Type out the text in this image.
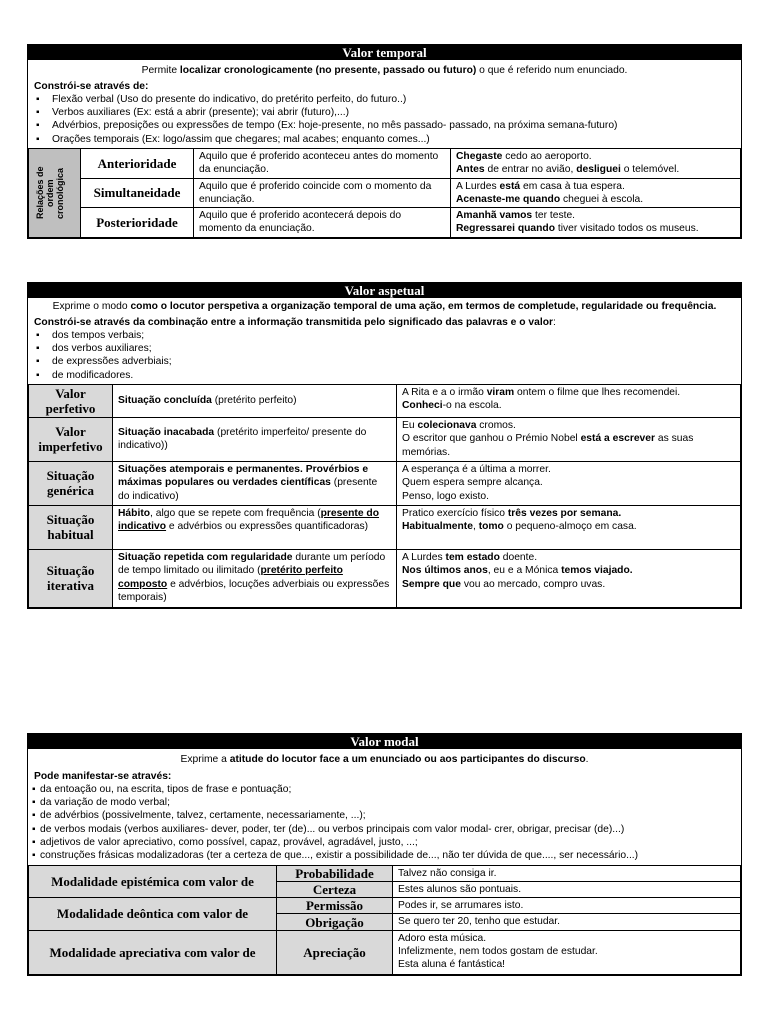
Valor temporal
Permite localizar cronologicamente (no presente, passado ou futuro) o que é referido num enunciado.
Constrói-se através de:
▪ Flexão verbal (Uso do presente do indicativo, do pretérito perfeito, do futuro..)
▪ Verbos auxiliares (Ex: está a abrir (presente); vai abrir (futuro),...)
▪ Advérbios, preposições ou expressões de tempo (Ex: hoje-presente, no mês passado- passado, na próxima semana-futuro)
▪ Orações temporais (Ex: logo/assim que chegares; mal acabes; enquanto comes...)
Relações de ordem cronológica	Anterioridade	Aquilo que é proferido aconteceu antes do momento da enunciação.	Chegaste cedo ao aeroporto.
Antes de entrar no avião, desliguei o telemóvel.
	Simultaneidade	Aquilo que é proferido coincide com o momento da enunciação.	A Lurdes está em casa à tua espera.
Acenaste-me quando cheguei à escola.
	Posterioridade	Aquilo que é proferido acontecerá depois do momento da enunciação.	Amanhã vamos ter teste.
Regressarei quando tiver visitado todos os museus.
Valor aspetual
Exprime o modo como o locutor perspetiva a organização temporal de uma ação, em termos de completude, regularidade ou frequência.
Constrói-se através da combinação entre a informação transmitida pelo significado das palavras e o valor:
▪ dos tempos verbais;
▪ dos verbos auxiliares;
▪ de expressões adverbiais;
▪ de modificadores.
Valor perfetivo	Situação concluída (pretérito perfeito)	A Rita e a o irmão viram ontem o filme que lhes recomendei.
Conheci-o na escola.
Valor imperfetivo	Situação inacabada (pretérito imperfeito/ presente do indicativo))	Eu colecionava cromos.
O escritor que ganhou o Prémio Nobel está a escrever as suas memórias.
Situação genérica	Situações atemporais e permanentes. Provérbios e máximas populares ou verdades científicas (presente do indicativo)	A esperança é a última a morrer.
Quem espera sempre alcança.
Penso, logo existo.
Situação habitual	Hábito, algo que se repete com frequência (presente do indicativo e advérbios ou expressões quantificadoras)	Pratico exercício físico três vezes por semana.
Habitualmente, tomo o pequeno-almoço em casa.
Situação iterativa	Situação repetida com regularidade durante um período de tempo limitado ou ilimitado (pretérito perfeito composto e advérbios, locuções adverbiais ou expressões temporais)	A Lurdes tem estado doente.
Nos últimos anos, eu e a Mónica temos viajado.
Sempre que vou ao mercado, compro uvas.
Valor modal
Exprime a atitude do locutor face a um enunciado ou aos participantes do discurso.
Pode manifestar-se através:
▪ da entoação ou, na escrita, tipos de frase e pontuação;
▪ da variação de modo verbal;
▪ de advérbios (possivelmente, talvez, certamente, necessariamente, ...);
▪ de verbos modais (verbos auxiliares- dever, poder, ter (de)... ou verbos principais com valor modal- crer, obrigar, precisar (de)...)
▪ adjetivos de valor apreciativo, como possível, capaz, provável, agradável, justo, ...;
▪ construções frásicas modalizadoras (ter a certeza de que..., existir a possibilidade de..., não ter dúvida de que...., ser necessário...)
Modalidade epistémica com valor de	Probabilidade	Talvez não consiga ir.
	Certeza	Estes alunos são pontuais.
Modalidade deôntica com valor de	Permissão	Podes ir, se arrumares isto.
	Obrigação	Se quero ter 20, tenho que estudar.
Modalidade apreciativa com valor de	Apreciação	Adoro esta música.
Infelizmente, nem todos gostam de estudar.
Esta aluna é fantástica!
